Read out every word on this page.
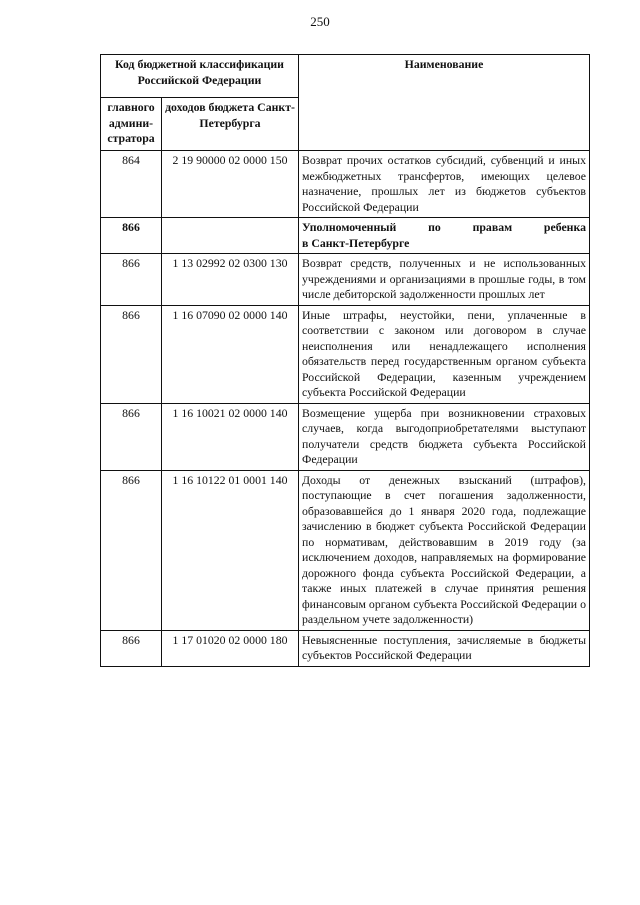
250
Код бюджетной классификации Российской Федерации		Наименование
главного админи-стратора	доходов бюджета Санкт-Петербурга	
864	2 19 90000 02 0000 150	Возврат прочих остатков субсидий, субвенций и иных межбюджетных трансфертов, имеющих целевое назначение, прошлых лет из бюджетов субъектов Российской Федерации
866		Уполномоченный по правам ребенка
в Санкт-Петербурге

866	1 13 02992 02 0300 130	Возврат средств, полученных и не использованных учреждениями и организациями в прошлые годы, в том числе дебиторской задолженности прошлых лет
866	1 16 07090 02 0000 140	Иные штрафы, неустойки, пени, уплаченные в соответствии с законом или договором в случае неисполнения или ненадлежащего исполнения обязательств перед государственным органом субъекта Российской Федерации, казенным учреждением субъекта Российской Федерации
866	1 16 10021 02 0000 140	Возмещение ущерба при возникновении страховых случаев, когда выгодоприобретателями выступают получатели средств бюджета субъекта Российской Федерации
866	1 16 10122 01 0001 140	Доходы от денежных взысканий (штрафов), поступающие в счет погашения задолженности, образовавшейся до 1 января 2020 года, подлежащие зачислению в бюджет субъекта Российской Федерации по нормативам, действовавшим в 2019 году (за исключением доходов, направляемых на формирование дорожного фонда субъекта Российской Федерации, а также иных платежей в случае принятия решения финансовым органом субъекта Российской Федерации о раздельном учете задолженности)
866	1 17 01020 02 0000 180	Невыясненные поступления, зачисляемые в бюджеты субъектов Российской Федерации
